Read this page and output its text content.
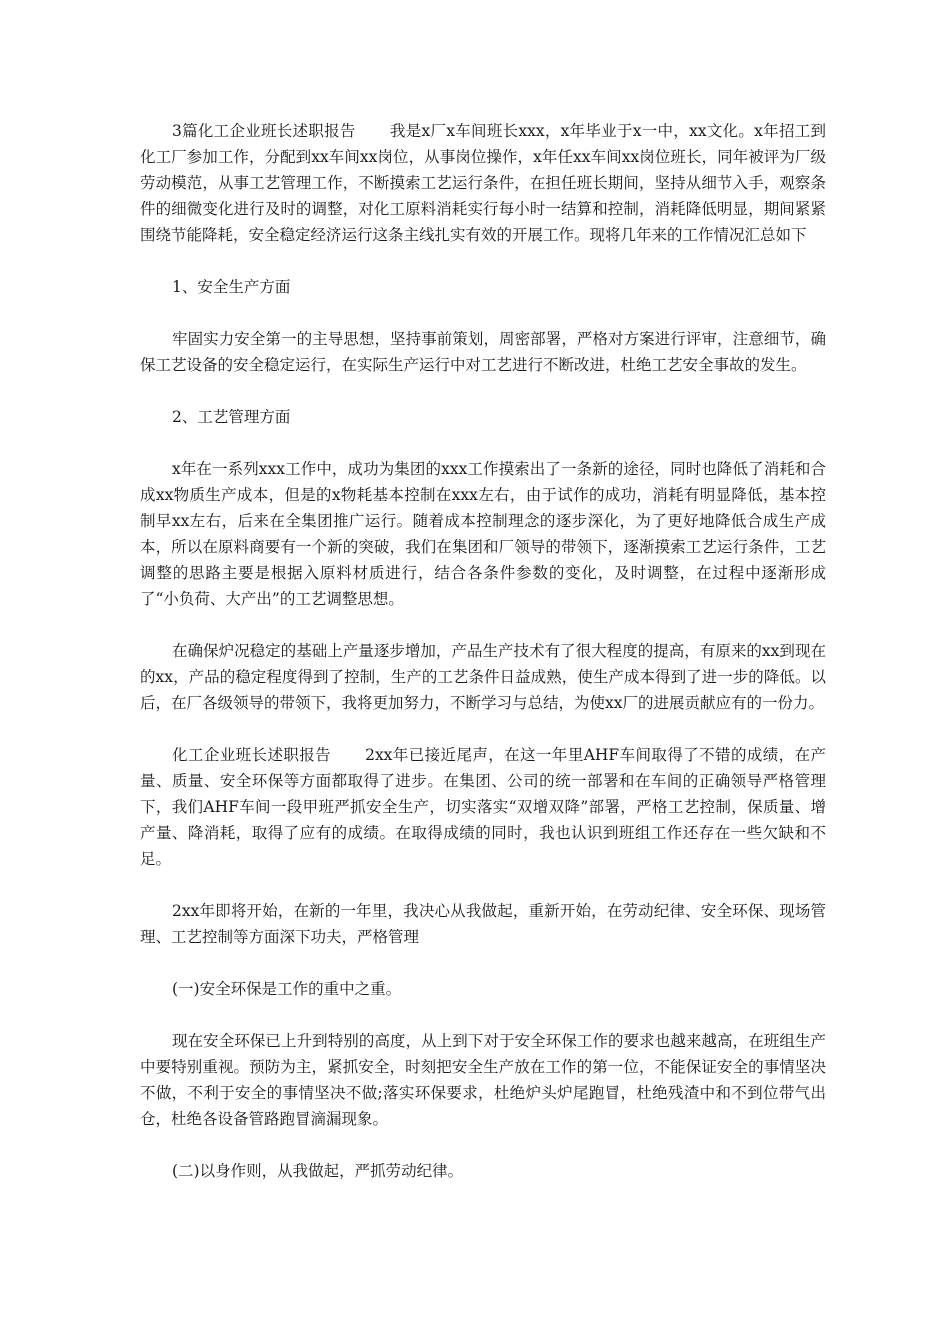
3篇化工企业班长述职报告 我是x厂x车间班长xxx，x年毕业于x一中，xx文化。x年招工到化工厂参加工作，分配到xx车间xx岗位，从事岗位操作，x年任xx车间xx岗位班长，同年被评为厂级劳动模范，从事工艺管理工作，不断摸索工艺运行条件，在担任班长期间，坚持从细节入手，观察条件的细微变化进行及时的调整，对化工原料消耗实行每小时一结算和控制，消耗降低明显，期间紧紧围绕节能降耗，安全稳定经济运行这条主线扎实有效的开展工作。现将几年来的工作情况汇总如下

1、安全生产方面

牢固实力安全第一的主导思想，坚持事前策划，周密部署，严格对方案进行评审，注意细节，确保工艺设备的安全稳定运行，在实际生产运行中对工艺进行不断改进，杜绝工艺安全事故的发生。

2、工艺管理方面

x年在一系列xxx工作中，成功为集团的xxx工作摸索出了一条新的途径，同时也降低了消耗和合成xx物质生产成本，但是的x物耗基本控制在xxx左右，由于试作的成功，消耗有明显降低，基本控制早xx左右，后来在全集团推广运行。随着成本控制理念的逐步深化，为了更好地降低合成生产成本，所以在原料商要有一个新的突破，我们在集团和厂领导的带领下，逐渐摸索工艺运行条件，工艺调整的思路主要是根据入原料材质进行，结合各条件参数的变化，及时调整，在过程中逐渐形成了“小负荷、大产出”的工艺调整思想。

在确保炉况稳定的基础上产量逐步增加，产品生产技术有了很大程度的提高，有原来的xx到现在的xx，产品的稳定程度得到了控制，生产的工艺条件日益成熟，使生产成本得到了进一步的降低。以后，在厂各级领导的带领下，我将更加努力，不断学习与总结，为使xx厂的进展贡献应有的一份力。

化工企业班长述职报告 2xx年已接近尾声，在这一年里AHF车间取得了不错的成绩，在产量、质量、安全环保等方面都取得了进步。在集团、公司的统一部署和在车间的正确领导严格管理下，我们AHF车间一段甲班严抓安全生产，切实落实“双增双降”部署，严格工艺控制，保质量、增产量、降消耗，取得了应有的成绩。在取得成绩的同时，我也认识到班组工作还存在一些欠缺和不足。

2xx年即将开始，在新的一年里，我决心从我做起，重新开始，在劳动纪律、安全环保、现场管理、工艺控制等方面深下功夫，严格管理

(一)安全环保是工作的重中之重。

现在安全环保已上升到特别的高度，从上到下对于安全环保工作的要求也越来越高，在班组生产中要特别重视。预防为主，紧抓安全，时刻把安全生产放在工作的第一位，不能保证安全的事情坚决不做，不利于安全的事情坚决不做;落实环保要求，杜绝炉头炉尾跑冒，杜绝残渣中和不到位带气出仓，杜绝各设备管路跑冒滴漏现象。

(二)以身作则，从我做起，严抓劳动纪律。
